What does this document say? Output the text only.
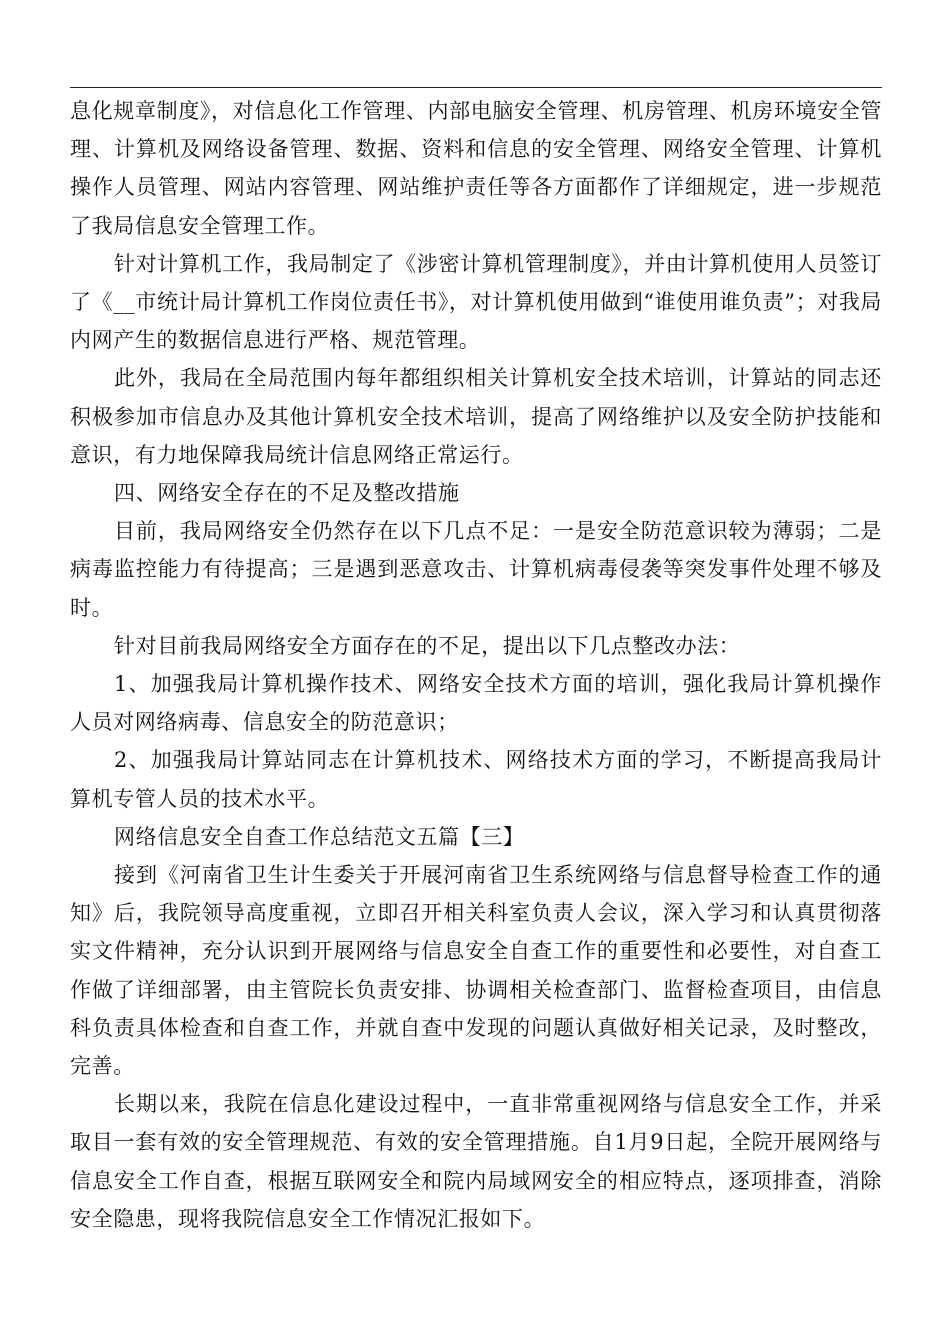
息化规章制度》，对信息化工作管理、内部电脑安全管理、机房管理、机房环境安全管理、计算机及网络设备管理、数据、资料和信息的安全管理、网络安全管理、计算机操作人员管理、网站内容管理、网站维护责任等各方面都作了详细规定，进一步规范了我局信息安全管理工作。

针对计算机工作，我局制定了《涉密计算机管理制度》，并由计算机使用人员签订了《__市统计局计算机工作岗位责任书》，对计算机使用做到“谁使用谁负责”；对我局内网产生的数据信息进行严格、规范管理。

此外，我局在全局范围内每年都组织相关计算机安全技术培训，计算站的同志还积极参加市信息办及其他计算机安全技术培训，提高了网络维护以及安全防护技能和意识，有力地保障我局统计信息网络正常运行。

四、网络安全存在的不足及整改措施

目前，我局网络安全仍然存在以下几点不足：一是安全防范意识较为薄弱；二是病毒监控能力有待提高；三是遇到恶意攻击、计算机病毒侵袭等突发事件处理不够及时。

针对目前我局网络安全方面存在的不足，提出以下几点整改办法：

1、加强我局计算机操作技术、网络安全技术方面的培训，强化我局计算机操作人员对网络病毒、信息安全的防范意识；

2、加强我局计算站同志在计算机技术、网络技术方面的学习，不断提高我局计算机专管人员的技术水平。

网络信息安全自查工作总结范文五篇【三】

接到《河南省卫生计生委关于开展河南省卫生系统网络与信息督导检查工作的通知》后，我院领导高度重视，立即召开相关科室负责人会议，深入学习和认真贯彻落实文件精神，充分认识到开展网络与信息安全自查工作的重要性和必要性，对自查工作做了详细部署，由主管院长负责安排、协调相关检查部门、监督检查项目，由信息科负责具体检查和自查工作，并就自查中发现的问题认真做好相关记录，及时整改，完善。

长期以来，我院在信息化建设过程中，一直非常重视网络与信息安全工作，并采取目一套有效的安全管理规范、有效的安全管理措施。自1月9日起，全院开展网络与信息安全工作自查，根据互联网安全和院内局域网安全的相应特点，逐项排查，消除安全隐患，现将我院信息安全工作情况汇报如下。
